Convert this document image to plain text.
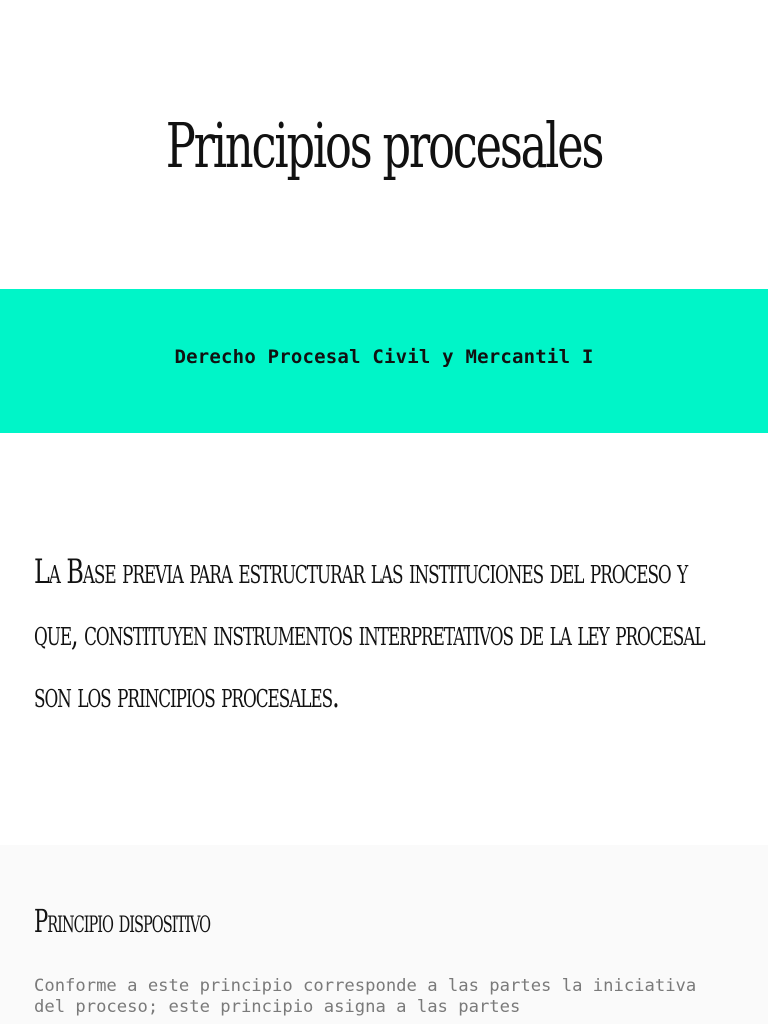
Principios procesales
Derecho Procesal Civil y Mercantil I

La Base previa para estructurar las instituciones del proceso y que, constituyen instrumentos interpretativos de la ley procesal son los principios procesales.

Principio dispositivo

Conforme a este principio corresponde a las partes la iniciativa del proceso; este principio asigna a las partes
